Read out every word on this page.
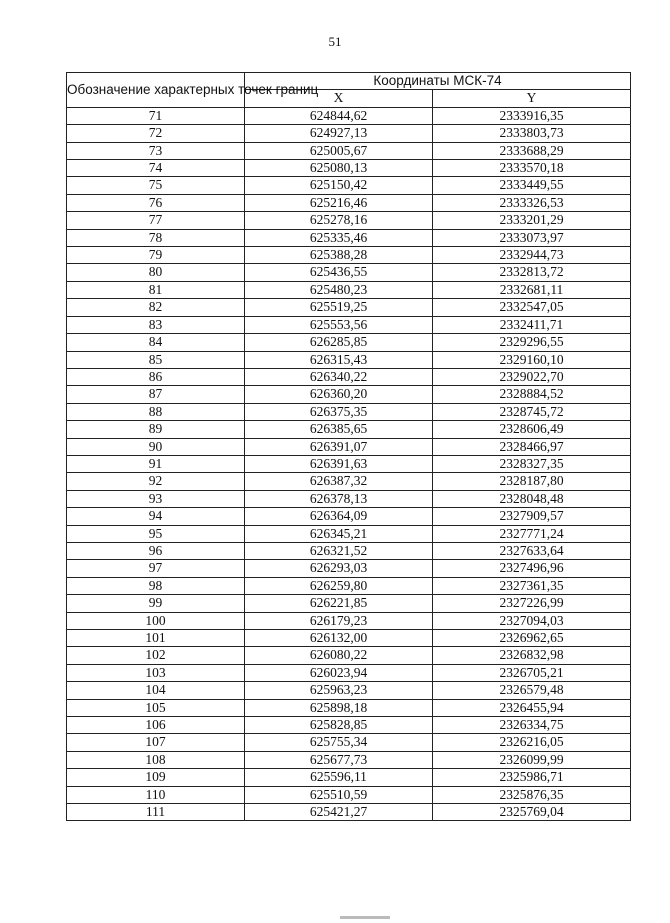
51
Обозначение характерных точек границ	Координаты МСК-74	
	X	Y
71	624844,62	2333916,35
72	624927,13	2333803,73
73	625005,67	2333688,29
74	625080,13	2333570,18
75	625150,42	2333449,55
76	625216,46	2333326,53
77	625278,16	2333201,29
78	625335,46	2333073,97
79	625388,28	2332944,73
80	625436,55	2332813,72
81	625480,23	2332681,11
82	625519,25	2332547,05
83	625553,56	2332411,71
84	626285,85	2329296,55
85	626315,43	2329160,10
86	626340,22	2329022,70
87	626360,20	2328884,52
88	626375,35	2328745,72
89	626385,65	2328606,49
90	626391,07	2328466,97
91	626391,63	2328327,35
92	626387,32	2328187,80
93	626378,13	2328048,48
94	626364,09	2327909,57
95	626345,21	2327771,24
96	626321,52	2327633,64
97	626293,03	2327496,96
98	626259,80	2327361,35
99	626221,85	2327226,99
100	626179,23	2327094,03
101	626132,00	2326962,65
102	626080,22	2326832,98
103	626023,94	2326705,21
104	625963,23	2326579,48
105	625898,18	2326455,94
106	625828,85	2326334,75
107	625755,34	2326216,05
108	625677,73	2326099,99
109	625596,11	2325986,71
110	625510,59	2325876,35
111	625421,27	2325769,04
